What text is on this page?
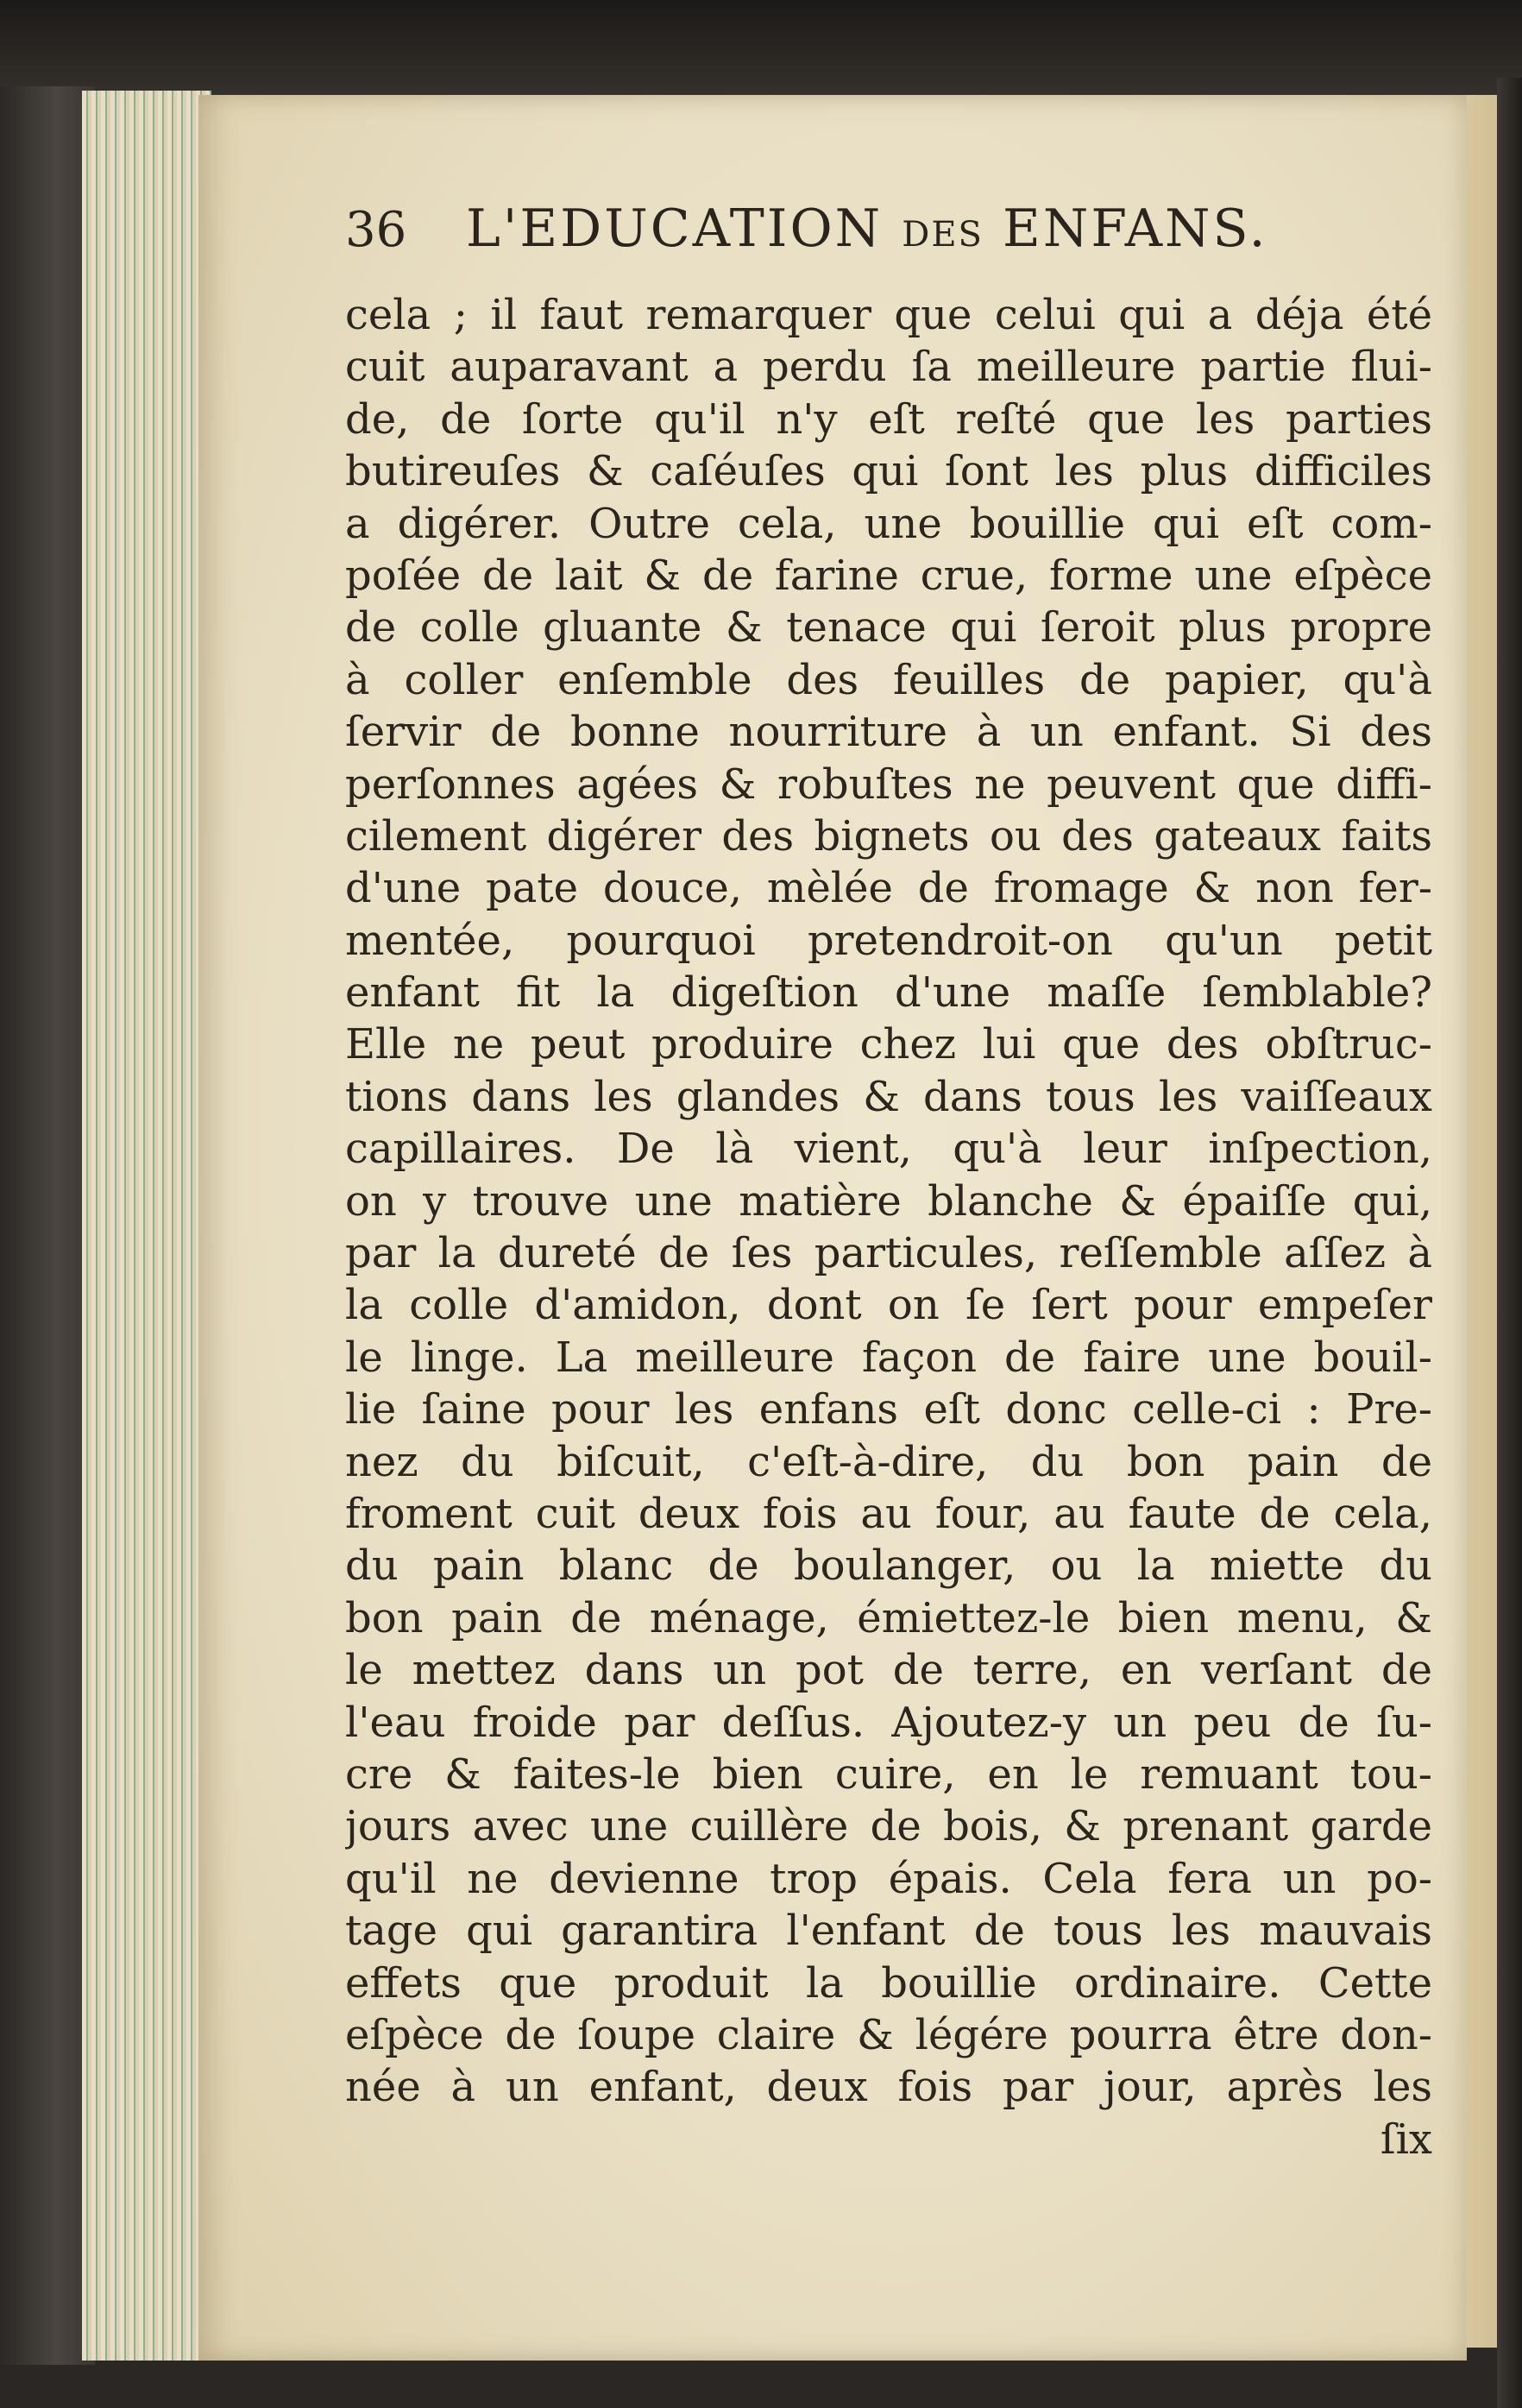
36	L'EDUCATION DES ENFANS.
cela ; il faut remarquer que celui qui a déja été
cuit auparavant a perdu ſa meilleure partie flui-
de, de ſorte qu'il n'y eſt reſté que les parties
butireuſes & caſéuſes qui ſont les plus difficiles
a digérer. Outre cela, une bouillie qui eſt com-
poſée de lait & de farine crue, forme une eſpèce
de colle gluante & tenace qui ſeroit plus propre
à coller enſemble des feuilles de papier, qu'à
ſervir de bonne nourriture à un enfant. Si des
perſonnes agées & robuſtes ne peuvent que diffi-
cilement digérer des bignets ou des gateaux faits
d'une pate douce, mèlée de fromage & non fer-
mentée, pourquoi pretendroit-on qu'un petit
enfant fit la digeſtion d'une maſſe ſemblable?
Elle ne peut produire chez lui que des obſtruc-
tions dans les glandes & dans tous les vaiſſeaux
capillaires. De là vient, qu'à leur inſpection,
on y trouve une matière blanche & épaiſſe qui,
par la dureté de ſes particules, reſſemble aſſez à
la colle d'amidon, dont on ſe ſert pour empeſer
le linge. La meilleure façon de faire une bouil-
lie ſaine pour les enfans eſt donc celle-ci : Pre-
nez du biſcuit, c'eſt-à-dire, du bon pain de
froment cuit deux fois au four, au faute de cela,
du pain blanc de boulanger, ou la miette du
bon pain de ménage, émiettez-le bien menu, &
le mettez dans un pot de terre, en verſant de
l'eau froide par deſſus. Ajoutez-y un peu de ſu-
cre & faites-le bien cuire, en le remuant tou-
jours avec une cuillère de bois, & prenant garde
qu'il ne devienne trop épais. Cela fera un po-
tage qui garantira l'enfant de tous les mauvais
effets que produit la bouillie ordinaire. Cette
eſpèce de ſoupe claire & légére pourra être don-
née à un enfant, deux fois par jour, après les
ſix
